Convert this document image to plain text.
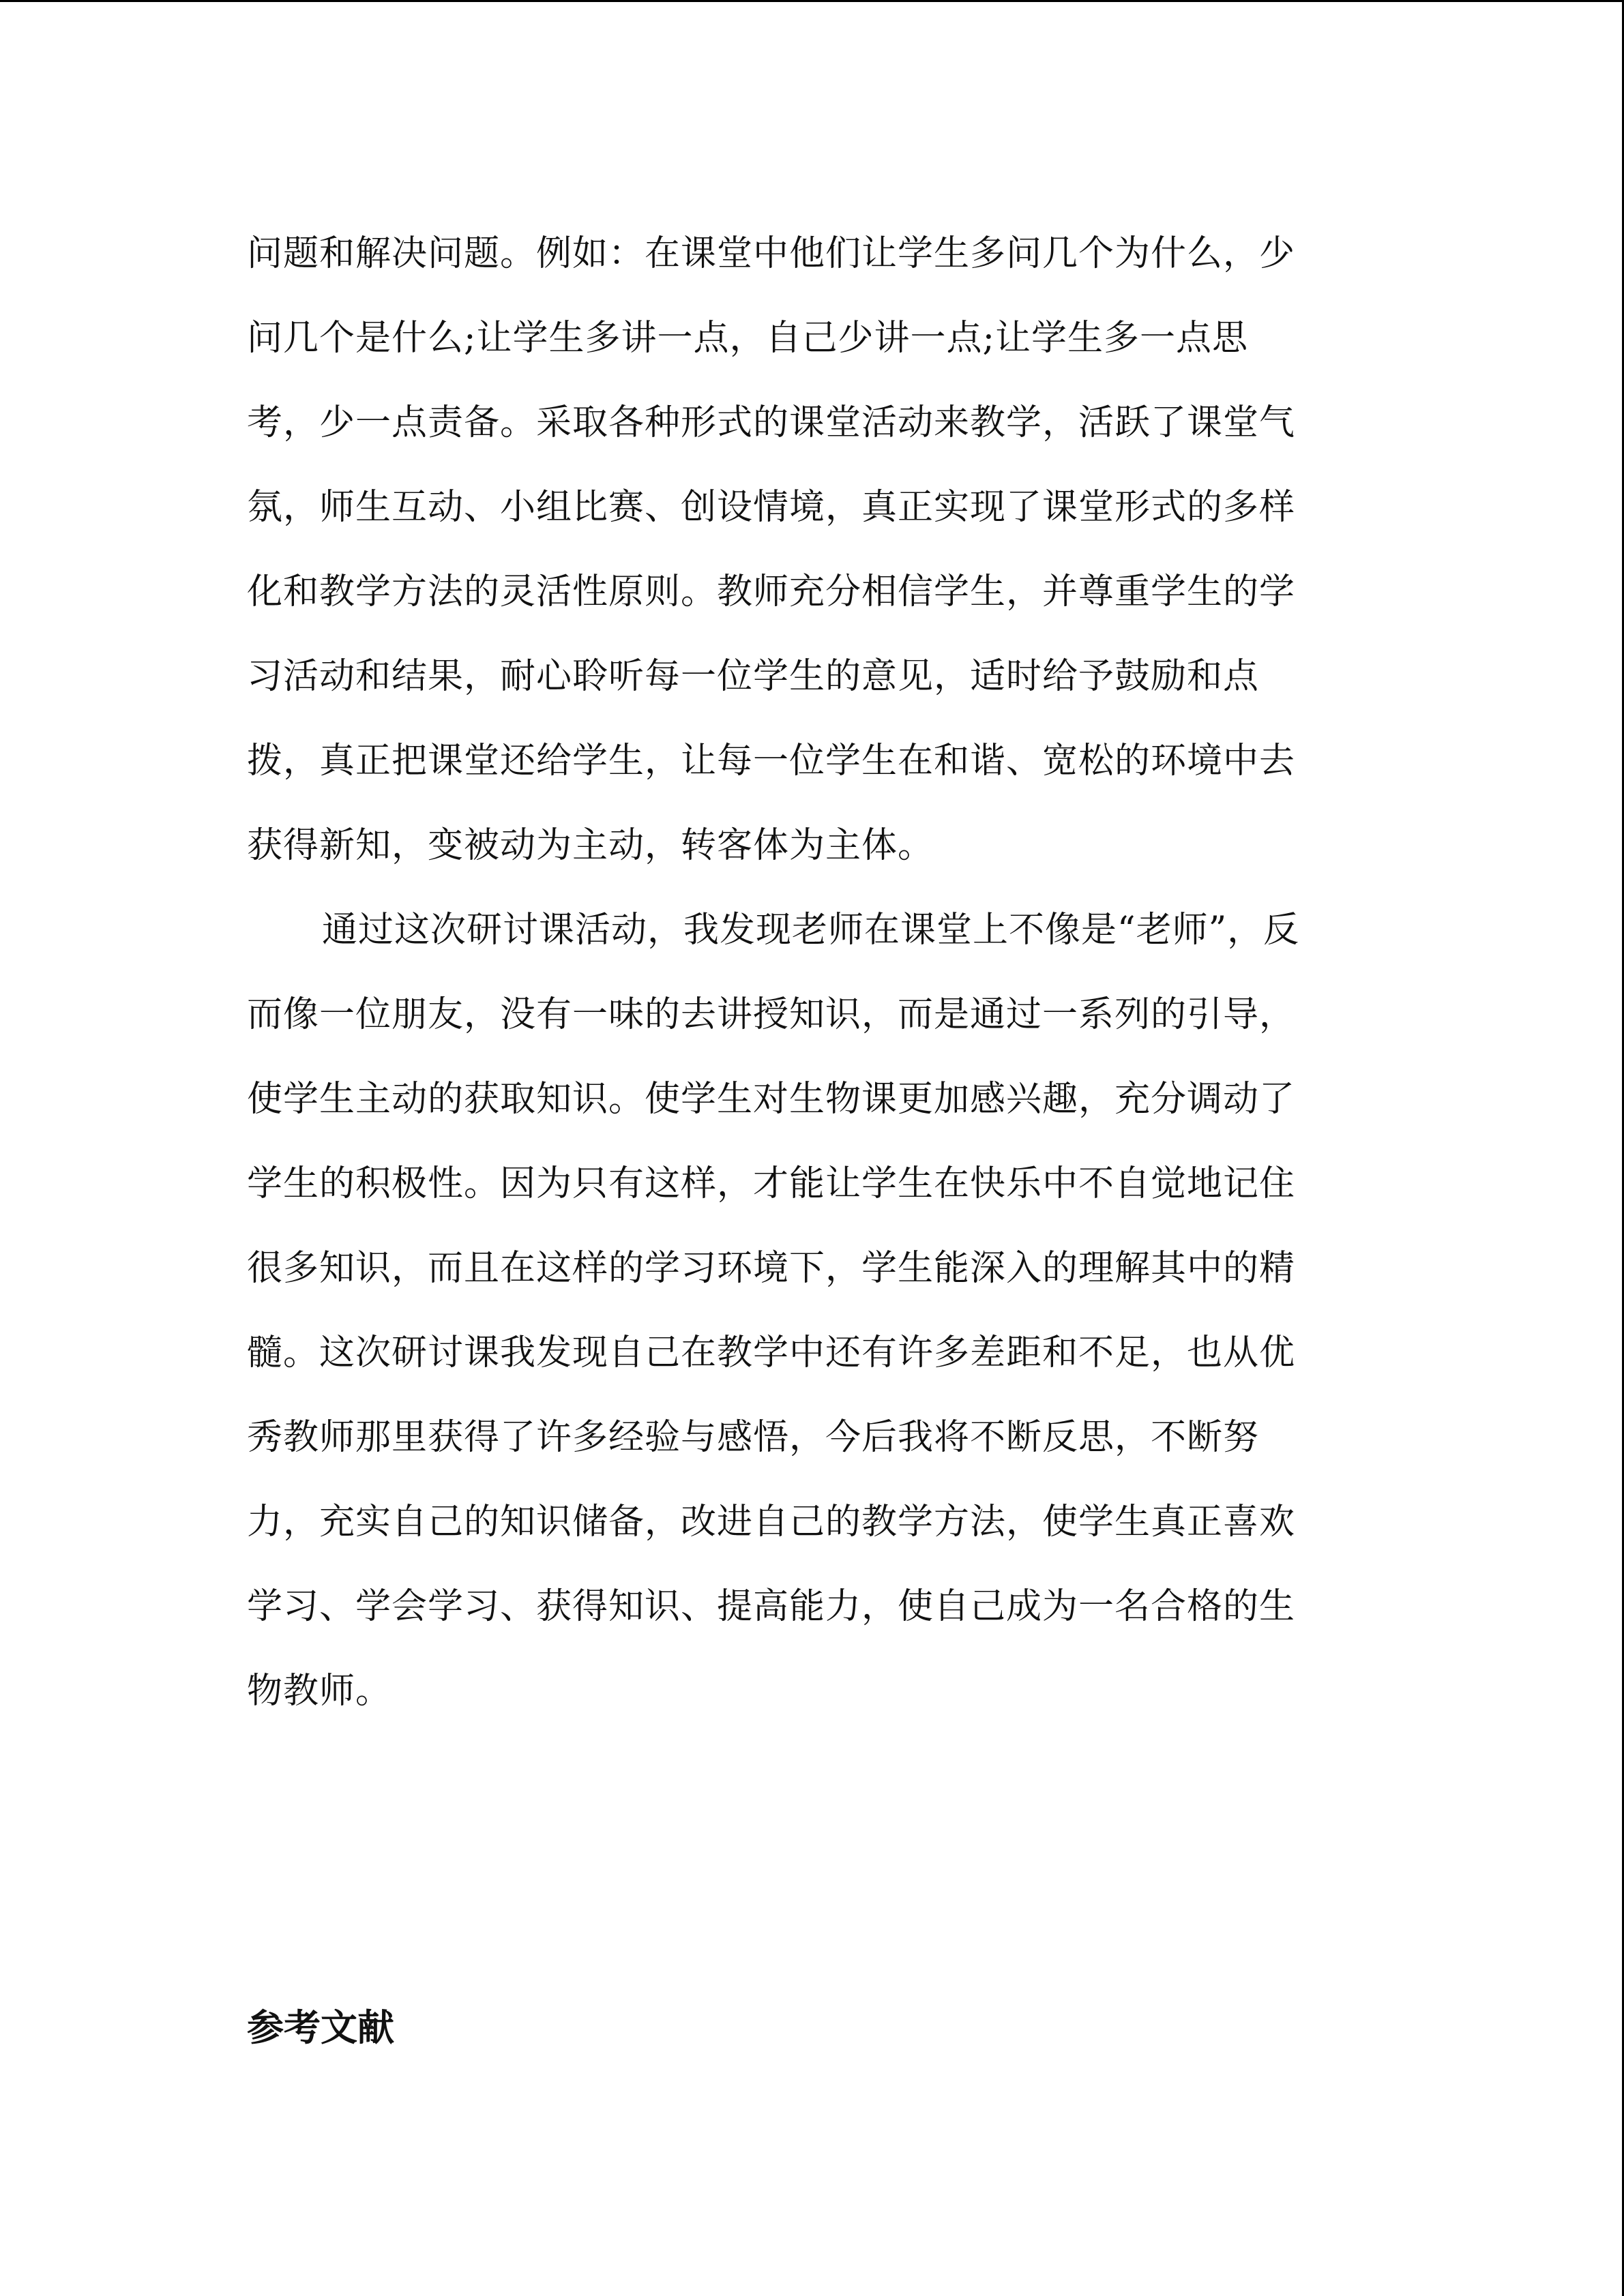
问题和解决问题。例如：在课堂中他们让学生多问几个为什么，少
问几个是什么;让学生多讲一点，自己少讲一点;让学生多一点思
考，少一点责备。采取各种形式的课堂活动来教学，活跃了课堂气
氛，师生互动、小组比赛、创设情境，真正实现了课堂形式的多样
化和教学方法的灵活性原则。教师充分相信学生，并尊重学生的学
习活动和结果，耐心聆听每一位学生的意见，适时给予鼓励和点
拨，真正把课堂还给学生，让每一位学生在和谐、宽松的环境中去
获得新知，变被动为主动，转客体为主体。
通过这次研讨课活动，我发现老师在课堂上不像是“老师”，反
而像一位朋友，没有一味的去讲授知识，而是通过一系列的引导，
使学生主动的获取知识。使学生对生物课更加感兴趣，充分调动了
学生的积极性。因为只有这样，才能让学生在快乐中不自觉地记住
很多知识，而且在这样的学习环境下，学生能深入的理解其中的精
髓。这次研讨课我发现自己在教学中还有许多差距和不足，也从优
秀教师那里获得了许多经验与感悟，今后我将不断反思，不断努
力，充实自己的知识储备，改进自己的教学方法，使学生真正喜欢
学习、学会学习、获得知识、提高能力，使自己成为一名合格的生
物教师。
参考文献
